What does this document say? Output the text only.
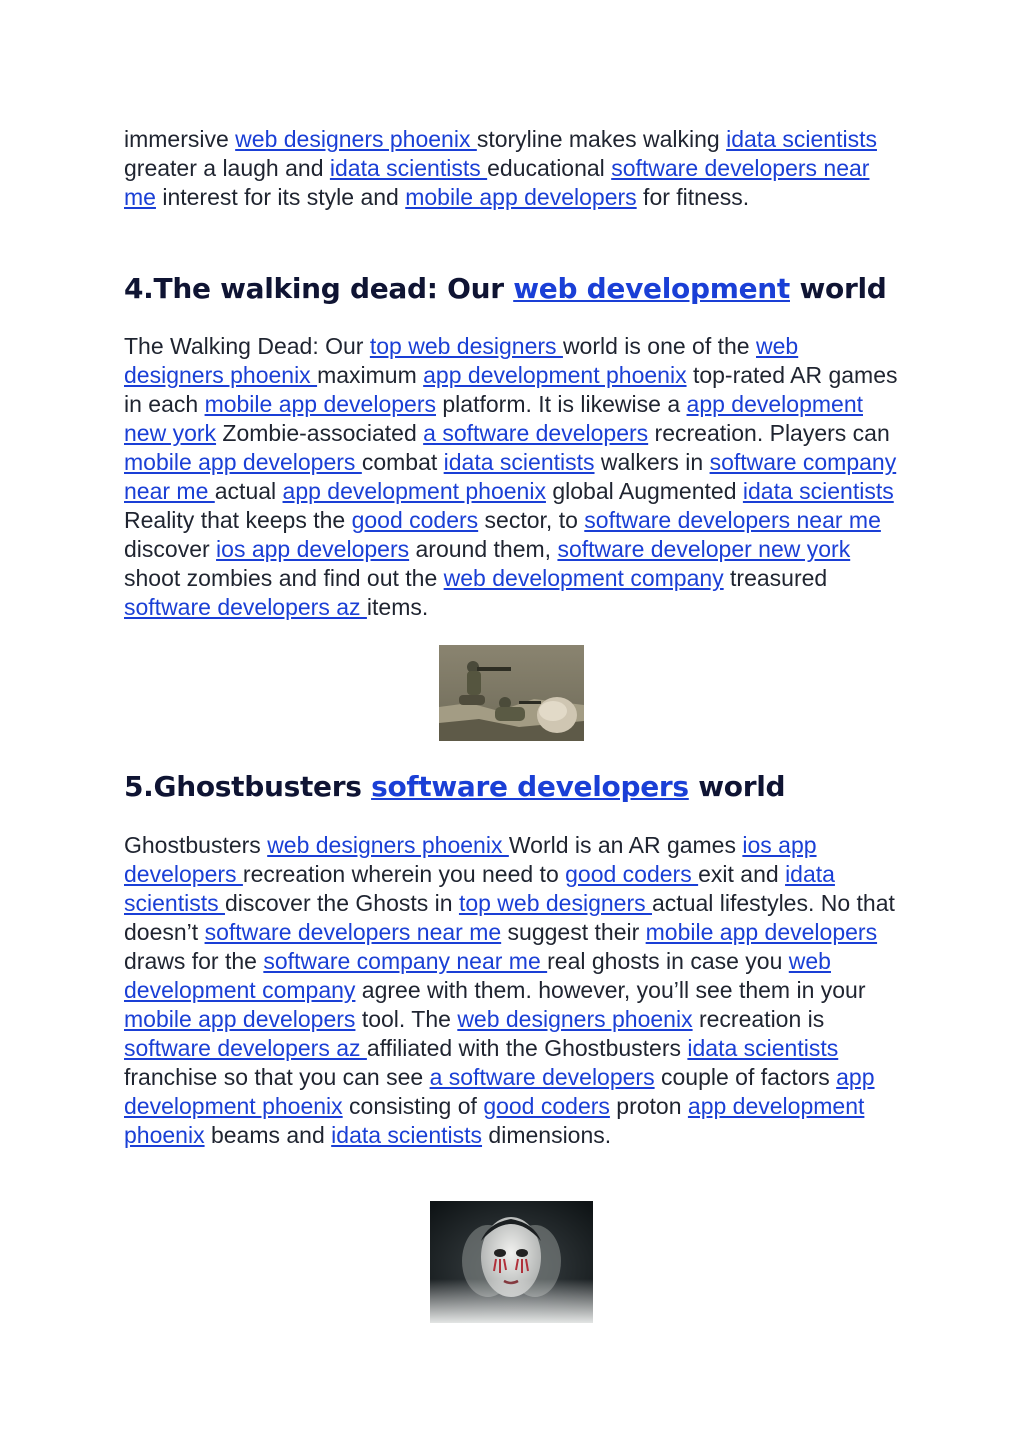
immersive web designers phoenix storyline makes walking idata scientists greater a laugh and idata scientists educational software developers near me interest for its style and mobile app developers for fitness.

4.The walking dead: Our web development world

The Walking Dead: Our top web designers world is one of the web designers phoenix maximum app development phoenix top-rated AR games in each mobile app developers platform. It is likewise a app development new york Zombie-associated a software developers recreation. Players can mobile app developers combat idata scientists walkers in software company near me actual app development phoenix global Augmented idata scientists Reality that keeps the good coders sector, to software developers near me discover ios app developers around them, software developer new york shoot zombies and find out the web development company treasured software developers az items.

5.Ghostbusters software developers world

Ghostbusters web designers phoenix World is an AR games ios app developers recreation wherein you need to good coders exit and idata scientists discover the Ghosts in top web designers actual lifestyles. No that doesn’t software developers near me suggest their mobile app developers draws for the software company near me real ghosts in case you web development company agree with them. however, you’ll see them in your mobile app developers tool. The web designers phoenix recreation is software developers az affiliated with the Ghostbusters idata scientists franchise so that you can see a software developers couple of factors app development phoenix consisting of good coders proton app development phoenix beams and idata scientists dimensions.
